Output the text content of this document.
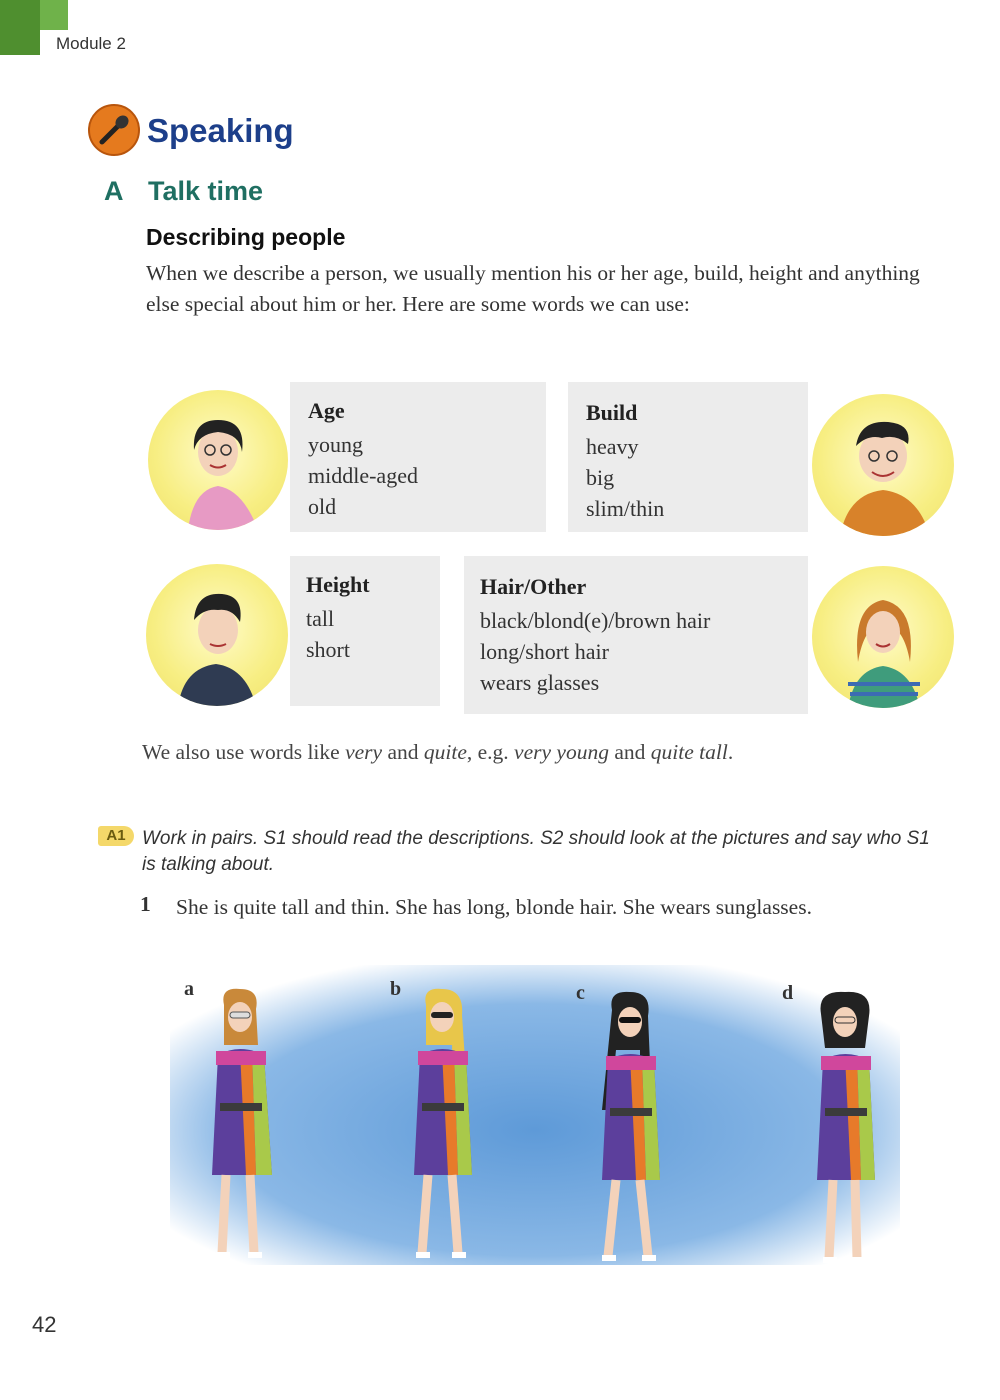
Module 2
Speaking
A Talk time
Describing people
When we describe a person, we usually mention his or her age, build, height and anything else special about him or her. Here are some words we can use:
Age
young
middle-aged
old
Build
heavy
big
slim/thin
Height
tall
short
Hair/Other
black/blond(e)/brown hair
long/short hair
wears glasses
We also use words like very and quite, e.g. very young and quite tall.
A1 Work in pairs. S1 should read the descriptions. S2 should look at the pictures and say who S1 is talking about.
1 She is quite tall and thin. She has long, blonde hair. She wears sunglasses.
a	b	c	d
42
